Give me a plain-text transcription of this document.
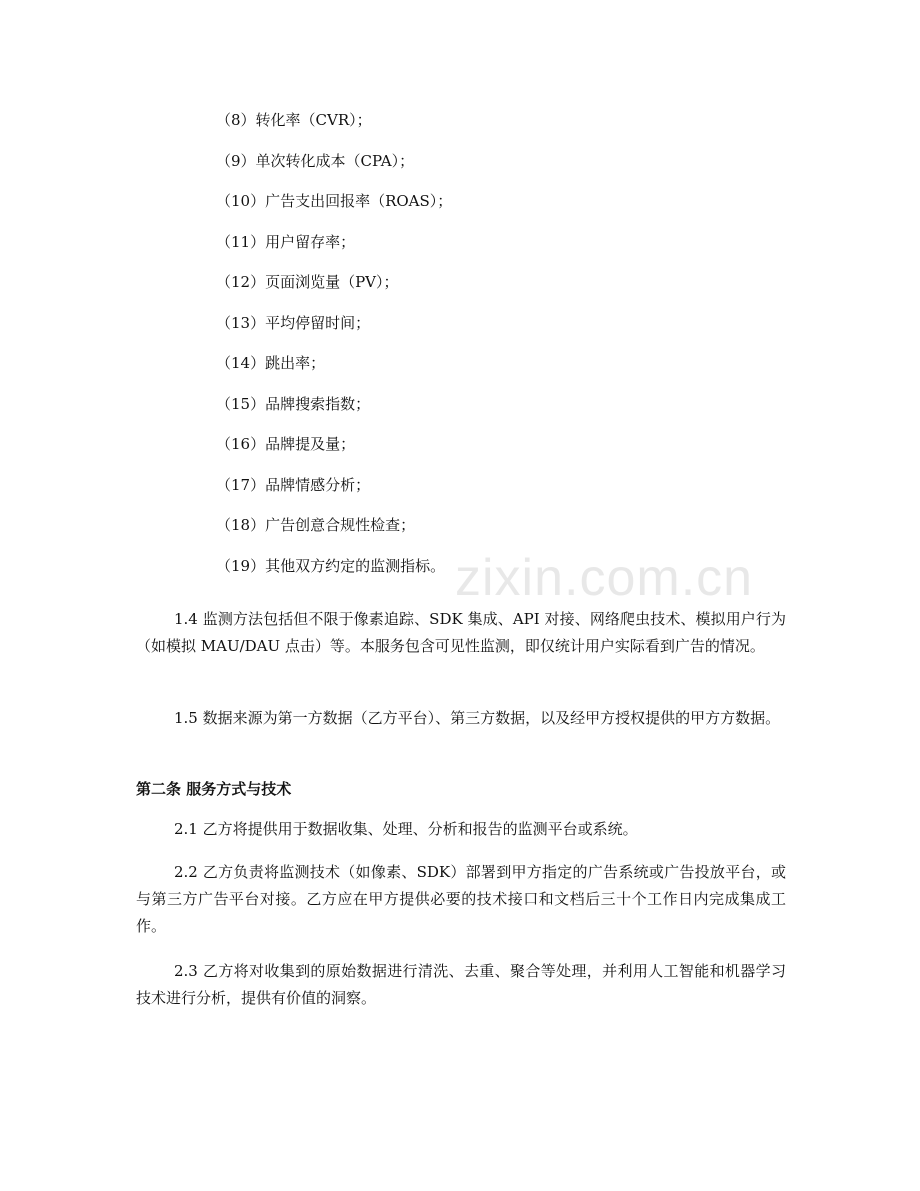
（8）转化率（CVR）；
（9）单次转化成本（CPA）；
（10）广告支出回报率（ROAS）；
（11）用户留存率；
（12）页面浏览量（PV）；
（13）平均停留时间；
（14）跳出率；
（15）品牌搜索指数；
（16）品牌提及量；
（17）品牌情感分析；
（18）广告创意合规性检查；
（19）其他双方约定的监测指标。
1.4 监测方法包括但不限于像素追踪、SDK 集成、API 对接、网络爬虫技术、模拟用户行为（如模拟 MAU/DAU 点击）等。本服务包含可见性监测，即仅统计用户实际看到广告的情况。
1.5 数据来源为第一方数据（乙方平台）、第三方数据，以及经甲方授权提供的甲方方数据。
第二条 服务方式与技术
2.1 乙方将提供用于数据收集、处理、分析和报告的监测平台或系统。
2.2 乙方负责将监测技术（如像素、SDK）部署到甲方指定的广告系统或广告投放平台，或与第三方广告平台对接。乙方应在甲方提供必要的技术接口和文档后三十个工作日内完成集成工作。
2.3 乙方将对收集到的原始数据进行清洗、去重、聚合等处理，并利用人工智能和机器学习技术进行分析，提供有价值的洞察。
zixin.com.cn
